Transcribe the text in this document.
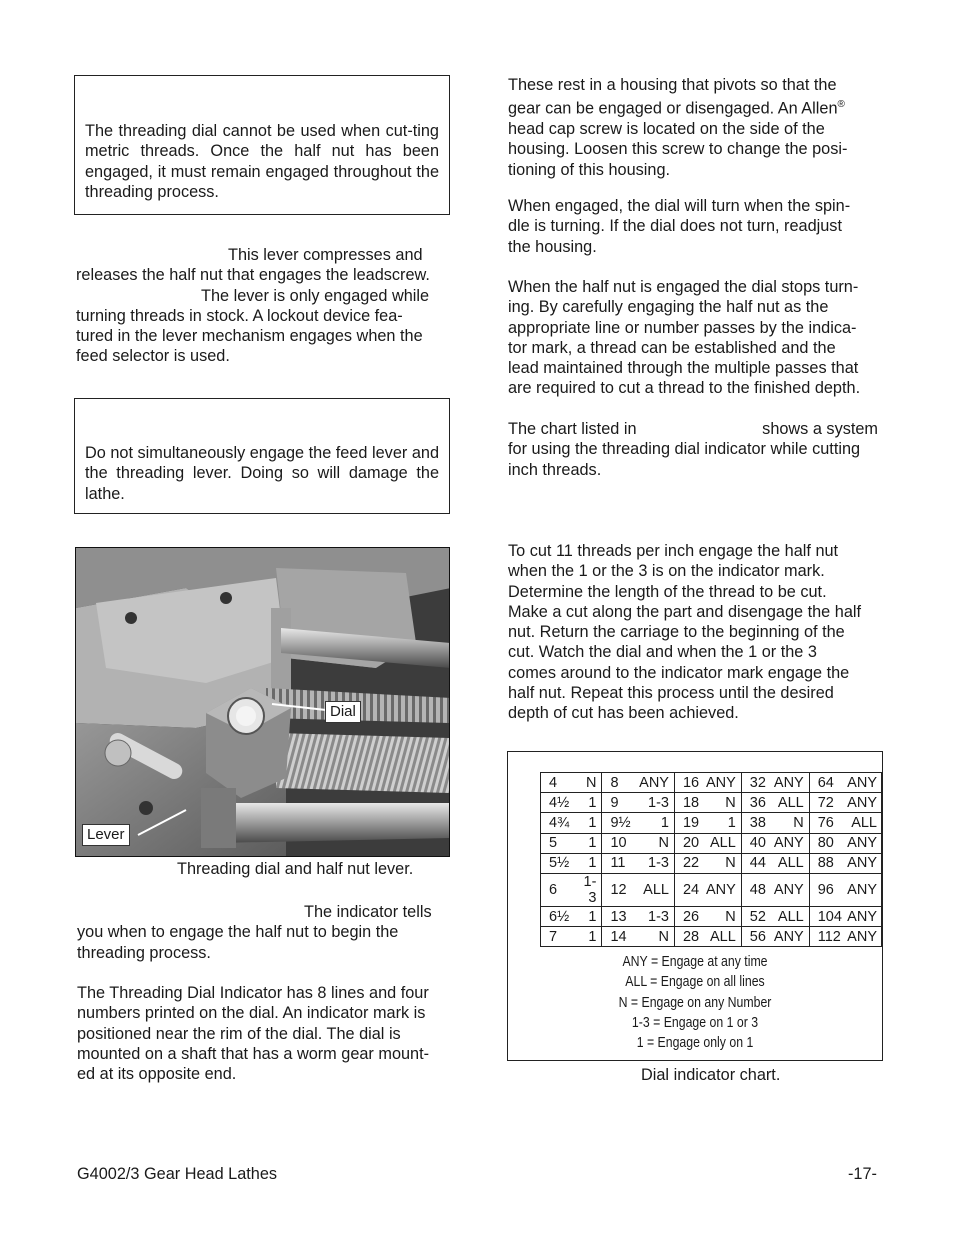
The threading dial cannot be used when cut-ting metric threads. Once the half nut has been engaged, it must remain engaged throughout the threading process.
This lever compresses and
releases the half nut that engages the leadscrew.
The lever is only engaged while
turning threads in stock. A lockout device fea-
tured in the lever mechanism engages when the
feed selector is used.
Do not simultaneously engage the feed lever and the threading lever. Doing so will damage the lathe.
Dial
Lever
Threading dial and half nut lever.
The indicator tells
you when to engage the half nut to begin the
threading process.
The Threading Dial Indicator has 8 lines and four
numbers printed on the dial. An indicator mark is
positioned near the rim of the dial. The dial is
mounted on a shaft that has a worm gear mount-
ed at its opposite end.
These rest in a housing that pivots so that the
gear can be engaged or disengaged. An Allen®
head cap screw is located on the side of the
housing. Loosen this screw to change the posi-
tioning of this housing.
When engaged, the dial will turn when the spin-
dle is turning. If the dial does not turn, readjust
the housing.
When the half nut is engaged the dial stops turn-
ing. By carefully engaging the half nut as the
appropriate line or number passes by the indica-
tor mark, a thread can be established and the
lead maintained through the multiple passes that
are required to cut a thread to the finished depth.
The chart listed in	shows a system
for using the threading dial indicator while cutting
inch threads.
To cut 11 threads per inch engage the half nut
when the 1 or the 3 is on the indicator mark.
Determine the length of the thread to be cut.
Make a cut along the part and disengage the half
nut. Return the carriage to the beginning of the
cut. Watch the dial and when the 1 or the 3
comes around to the indicator mark engage the
half nut. Repeat this process until the desired
depth of cut has been achieved.
4	N	8	ANY	16	ANY	32	ANY	64	ANY
4½	1	9	1-3	18	N	36	ALL	72	ANY
4¾	1	9½	1	19	1	38	N	76	ALL
5	1	10	N	20	ALL	40	ANY	80	ANY
5½	1	11	1-3	22	N	44	ALL	88	ANY
6	1-3	12	ALL	24	ANY	48	ANY	96	ANY
6½	1	13	1-3	26	N	52	ALL	104	ANY
7	1	14	N	28	ALL	56	ANY	112	ANY
ANY = Engage at any time
ALL = Engage on all lines
N = Engage on any Number
1-3 = Engage on 1 or 3
1 = Engage only on 1
Dial indicator chart.
G4002/3 Gear Head Lathes	-17-
